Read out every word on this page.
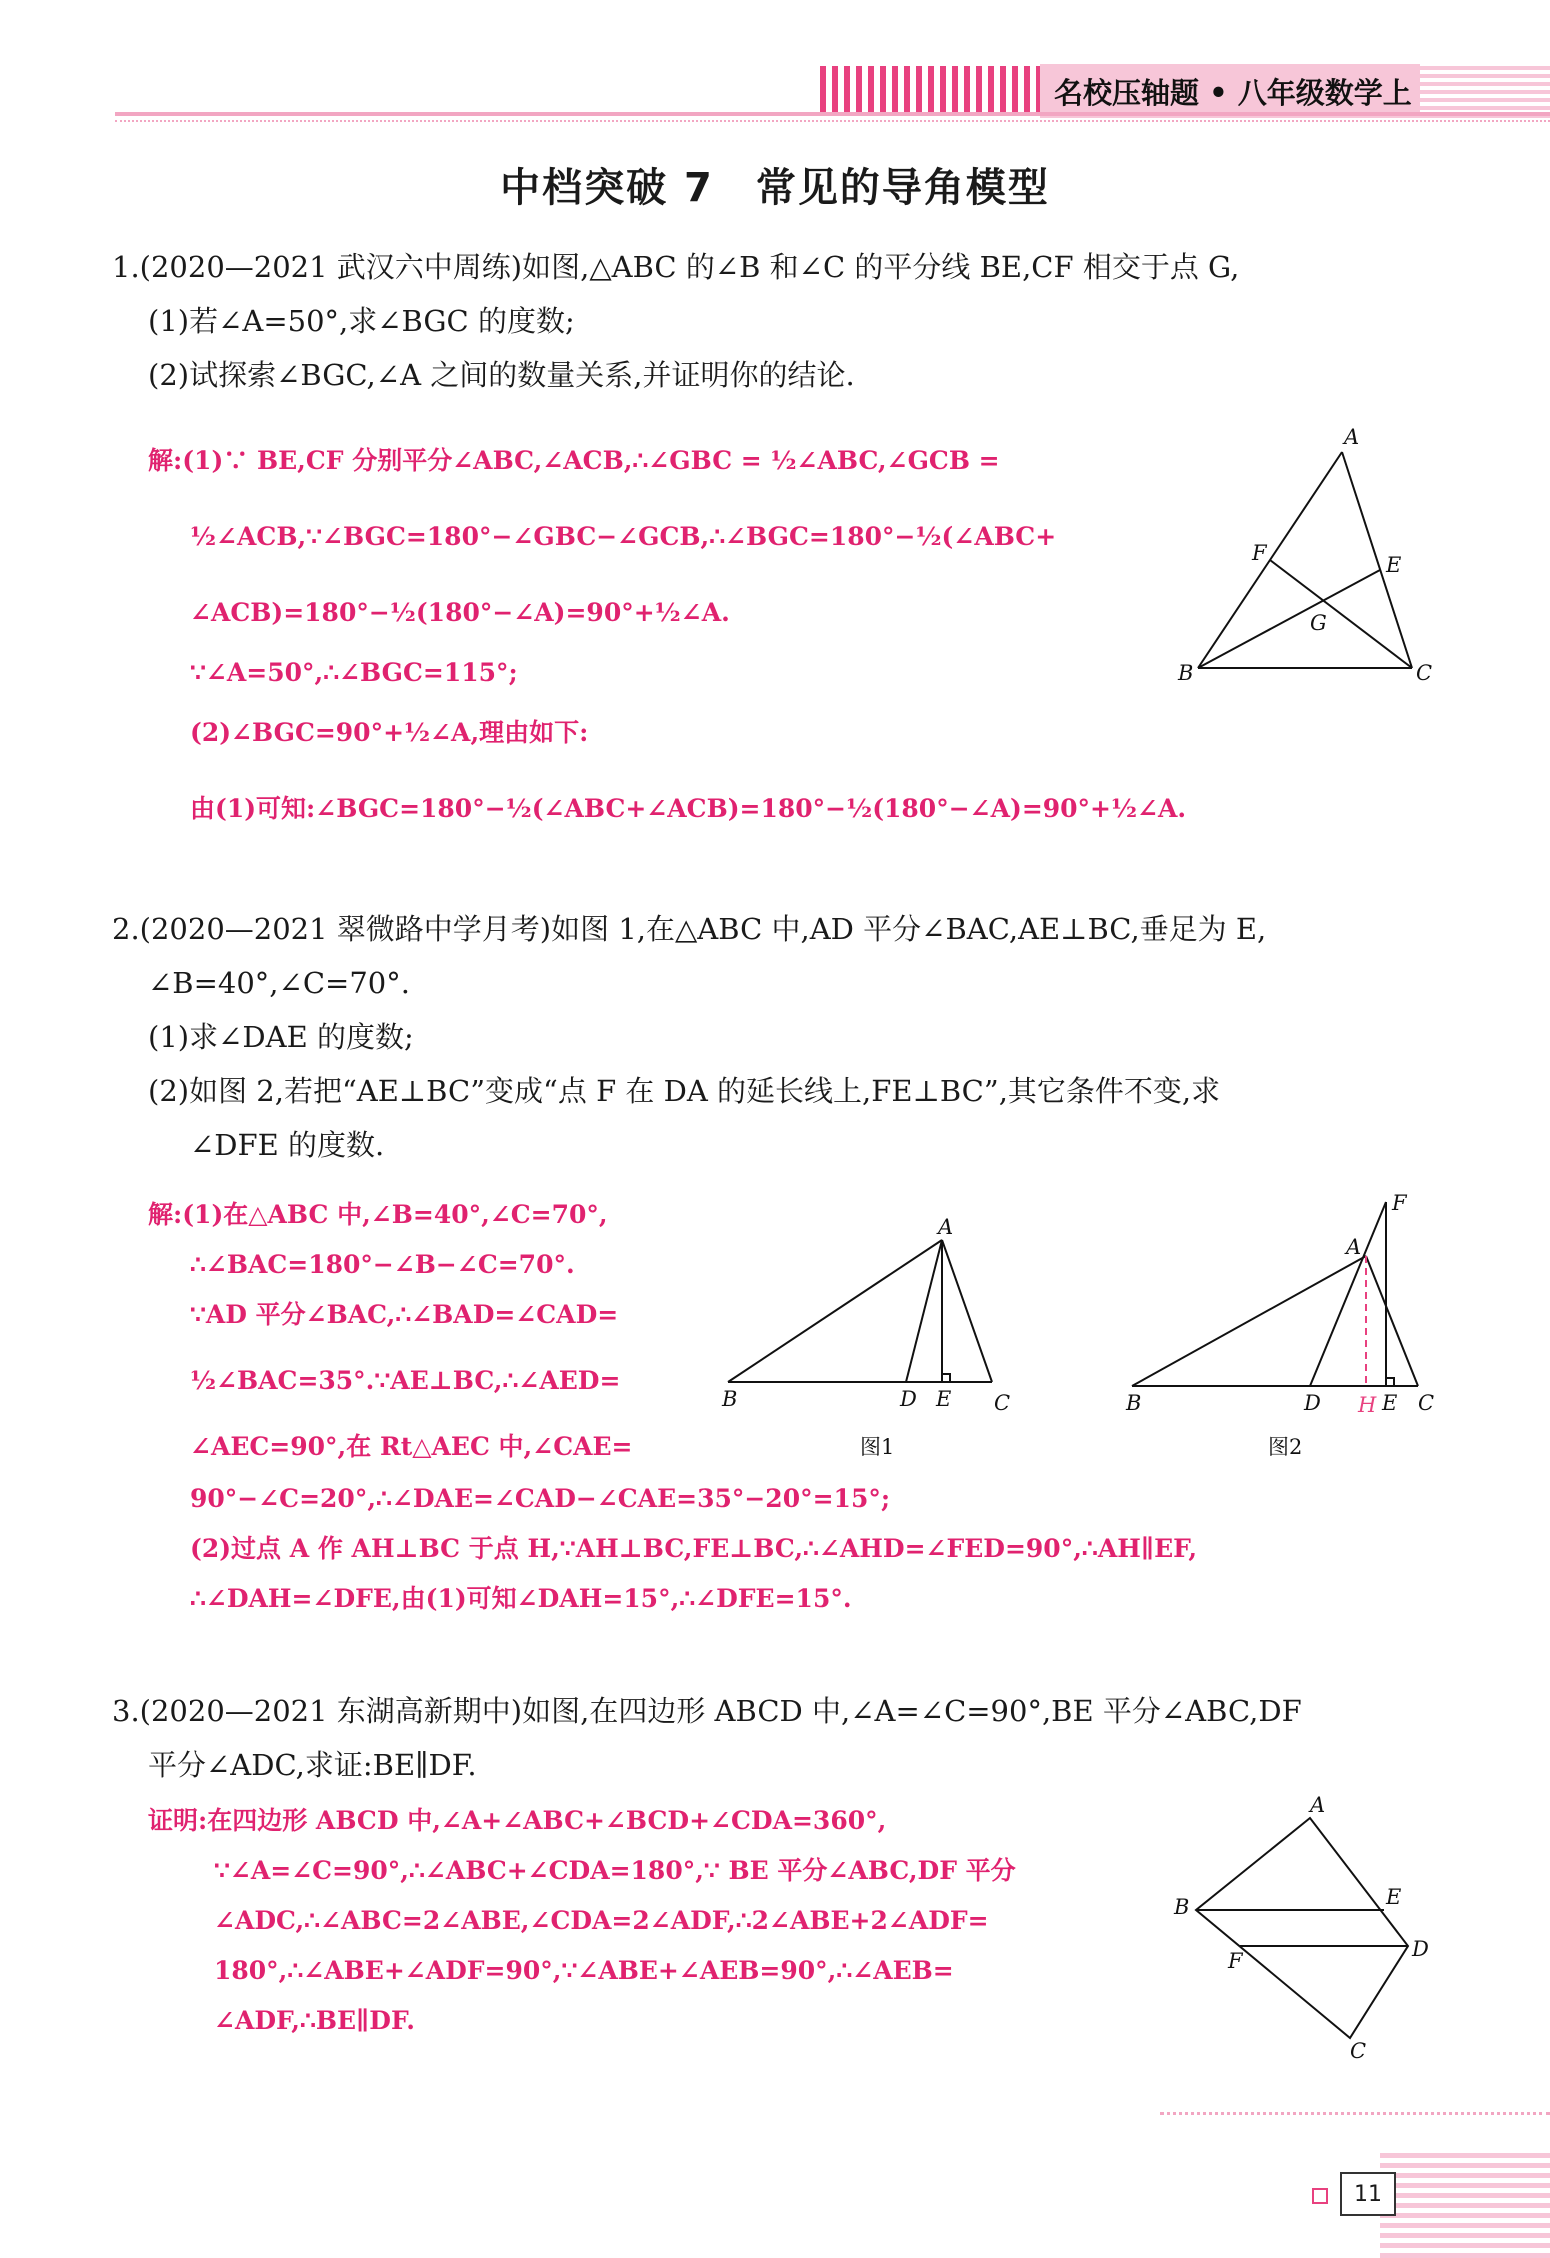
名校压轴题 • 八年级数学上
中档突破 7　常见的导角模型
1.(2020—2021 武汉六中周练)如图,△ABC 的∠B 和∠C 的平分线 BE,CF 相交于点 G,
(1)若∠A=50°,求∠BGC 的度数;
(2)试探索∠BGC,∠A 之间的数量关系,并证明你的结论.
解:(1)∵ BE,CF 分别平分∠ABC,∠ACB,∴∠GBC = ½∠ABC,∠GCB =
½∠ACB,∵∠BGC=180°−∠GBC−∠GCB,∴∠BGC=180°−½(∠ABC+
∠ACB)=180°−½(180°−∠A)=90°+½∠A.
∵∠A=50°,∴∠BGC=115°;
(2)∠BGC=90°+½∠A,理由如下:
由(1)可知:∠BGC=180°−½(∠ABC+∠ACB)=180°−½(180°−∠A)=90°+½∠A.
A
B	C
E
F
G
2.(2020—2021 翠微路中学月考)如图 1,在△ABC 中,AD 平分∠BAC,AE⊥BC,垂足为 E,
∠B=40°,∠C=70°.
(1)求∠DAE 的度数;
(2)如图 2,若把“AE⊥BC”变成“点 F 在 DA 的延长线上,FE⊥BC”,其它条件不变,求
∠DFE 的度数.
解:(1)在△ABC 中,∠B=40°,∠C=70°,
∴∠BAC=180°−∠B−∠C=70°.
∵AD 平分∠BAC,∴∠BAD=∠CAD=
½∠BAC=35°.∵AE⊥BC,∴∠AED=
∠AEC=90°,在 Rt△AEC 中,∠CAE=
90°−∠C=20°,∴∠DAE=∠CAD−∠CAE=35°−20°=15°;
(2)过点 A 作 AH⊥BC 于点 H,∵AH⊥BC,FE⊥BC,∴∠AHD=∠FED=90°,∴AH∥EF,
∴∠DAH=∠DFE,由(1)可知∠DAH=15°,∴∠DFE=15°.
A
B	C
D E
图1
F
A
B	C
D	E
H
图2
3.(2020—2021 东湖高新期中)如图,在四边形 ABCD 中,∠A=∠C=90°,BE 平分∠ABC,DF
平分∠ADC,求证:BE∥DF.
证明:在四边形 ABCD 中,∠A+∠ABC+∠BCD+∠CDA=360°,
∵∠A=∠C=90°,∴∠ABC+∠CDA=180°,∵ BE 平分∠ABC,DF 平分
∠ADC,∴∠ABC=2∠ABE,∠CDA=2∠ADF,∴2∠ABE+2∠ADF=
180°,∴∠ABE+∠ADF=90°,∵∠ABE+∠AEB=90°,∴∠AEB=
∠ADF,∴BE∥DF.
A
B
C
D
E
F
11
